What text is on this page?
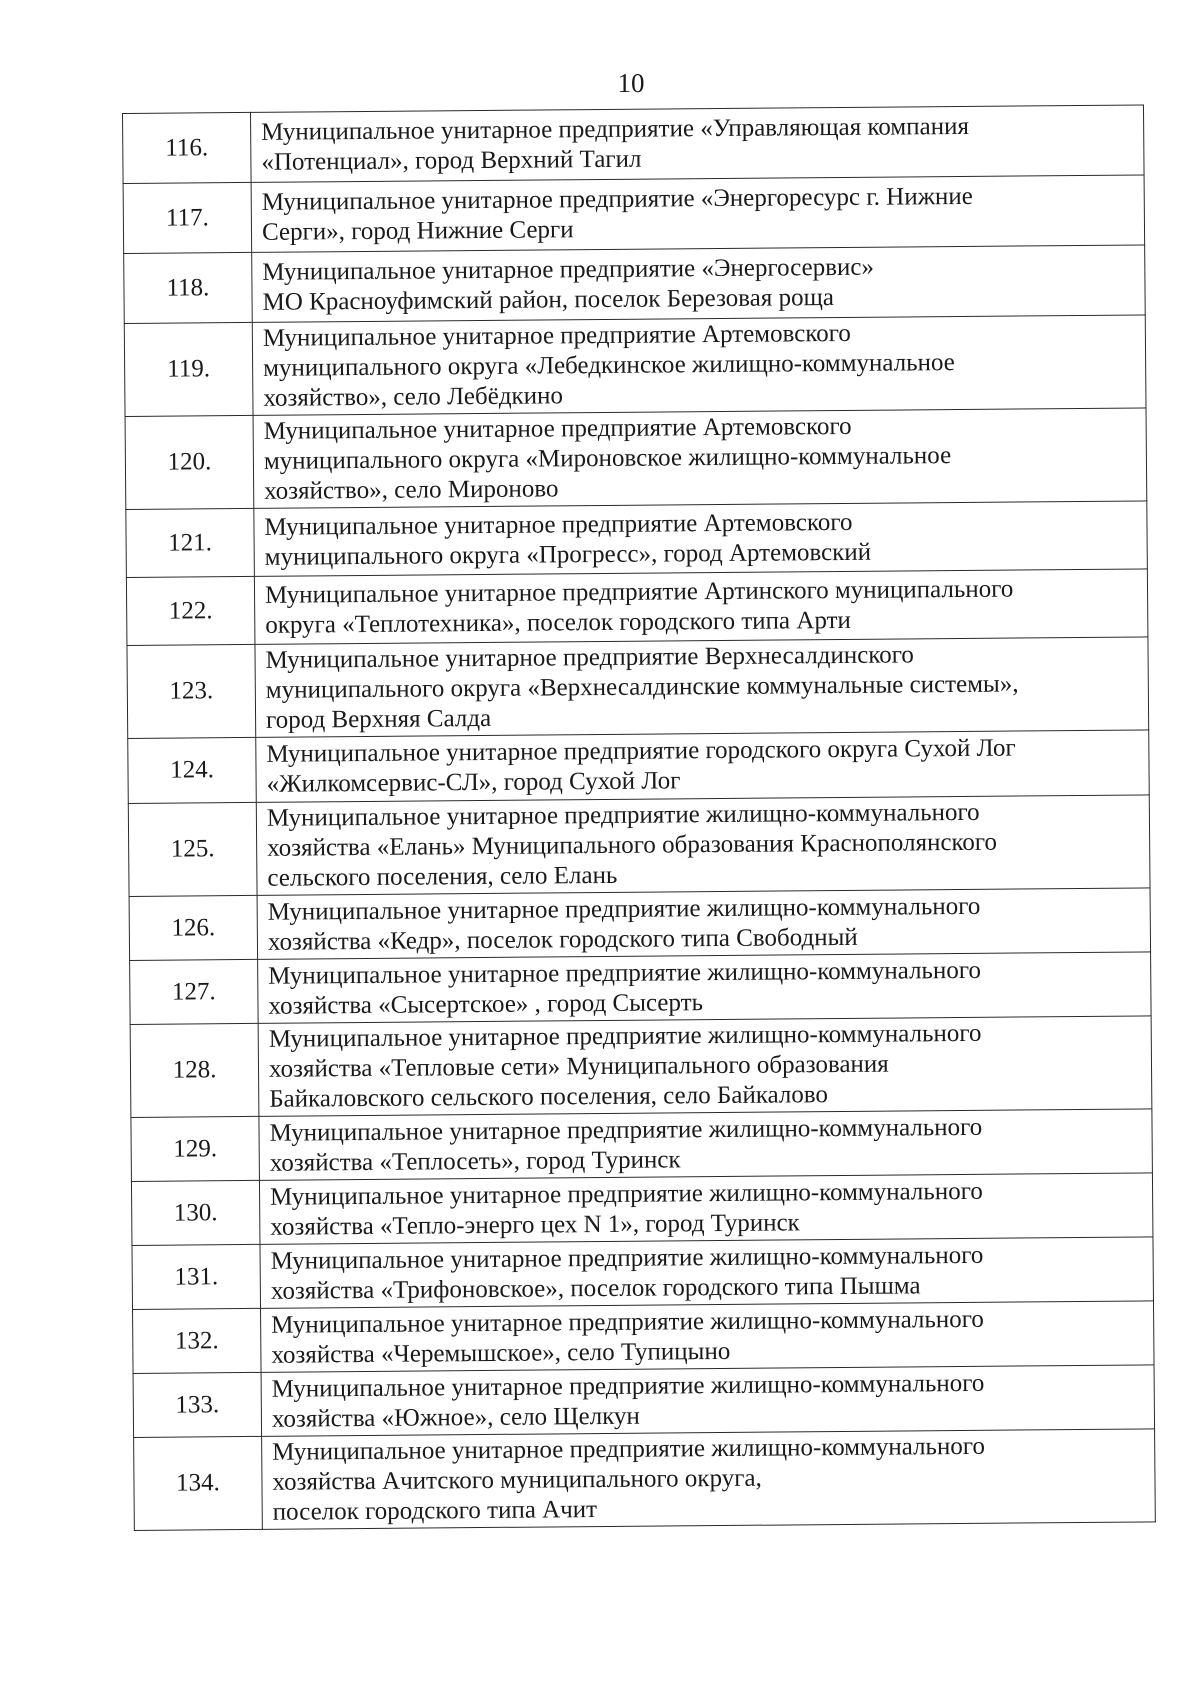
10
116.	Муниципальное унитарное предприятие «Управляющая компания
«Потенциал», город Верхний Тагил
117.	Муниципальное унитарное предприятие «Энергоресурс г. Нижние
Серги», город Нижние Серги
118.	Муниципальное унитарное предприятие «Энергосервис»
МО Красноуфимский район, поселок Березовая роща
119.	Муниципальное унитарное предприятие Артемовского
муниципального округа «Лебедкинское жилищно-коммунальное
хозяйство», село Лебёдкино
120.	Муниципальное унитарное предприятие Артемовского
муниципального округа «Мироновское жилищно-коммунальное
хозяйство», село Мироново
121.	Муниципальное унитарное предприятие Артемовского
муниципального округа «Прогресс», город Артемовский
122.	Муниципальное унитарное предприятие Артинского муниципального
округа «Теплотехника», поселок городского типа Арти
123.	Муниципальное унитарное предприятие Верхнесалдинского
муниципального округа «Верхнесалдинские коммунальные системы»,
город Верхняя Салда
124.	Муниципальное унитарное предприятие городского округа Сухой Лог
«Жилкомсервис-СЛ», город Сухой Лог
125.	Муниципальное унитарное предприятие жилищно-коммунального
хозяйства «Елань» Муниципального образования Краснополянского
сельского поселения, село Елань
126.	Муниципальное унитарное предприятие жилищно-коммунального
хозяйства «Кедр», поселок городского типа Свободный
127.	Муниципальное унитарное предприятие жилищно-коммунального
хозяйства «Сысертское» , город Сысерть
128.	Муниципальное унитарное предприятие жилищно-коммунального
хозяйства «Тепловые сети» Муниципального образования
Байкаловского сельского поселения, село Байкалово
129.	Муниципальное унитарное предприятие жилищно-коммунального
хозяйства «Теплосеть», город Туринск
130.	Муниципальное унитарное предприятие жилищно-коммунального
хозяйства «Тепло-энерго цех N 1», город Туринск
131.	Муниципальное унитарное предприятие жилищно-коммунального
хозяйства «Трифоновское», поселок городского типа Пышма
132.	Муниципальное унитарное предприятие жилищно-коммунального
хозяйства «Черемышское», село Тупицыно
133.	Муниципальное унитарное предприятие жилищно-коммунального
хозяйства «Южное», село Щелкун
134.	Муниципальное унитарное предприятие жилищно-коммунального
хозяйства Ачитского муниципального округа,
поселок городского типа Ачит
